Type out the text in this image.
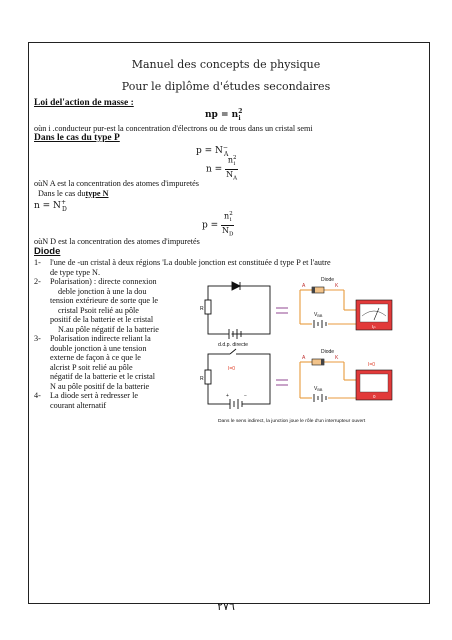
Manuel des concepts de physique
Pour le diplôme d'études secondaires
Loi del'action de masse :
np = $n^2_i$
oùn i .conducteur pur-est la concentration d'électrons ou de trous dans un cristal semi
Dans le cas du type P
$p = N^-_A$
$n = \frac{n^2_i}{N_A}$
oùN A est la concentration des atomes d'impuretés
Dans le cas dutype N
$n = N^+_D$
$p = \frac{n^2_i}{N_D}$
oùN D est la concentration des atomes d'impuretés
Diode
1- l'une de -un cristal à deux régions 'La double jonction est constituée d type P et l'autre
de type type N.
2- Polarisation) : directe connexion
deble jonction à une la dou
tension extérieure de sorte que le
cristal Psoit relié au pôle
positif de la batterie et le cristal
N.au pôle négatif de la batterie
3- Polarisation indirecte reliant la
double jonction à une tension
externe de façon à ce que le
alcrist P soit relié au pôle
négatif de la batterie et le cristal
N au pôle positif de la batterie
4- La diode sert à redresser le
courant alternatif
R
d.d.p. directe
Diode
A	K
$V_{BB}$
$I_P$
R
I=0
+	−
Diode
A	K
$V_{BB}$
I=0
0
Dans le sens indirect, la junction joue le rôle d'un interrupteur ouvert
٢٧٦
